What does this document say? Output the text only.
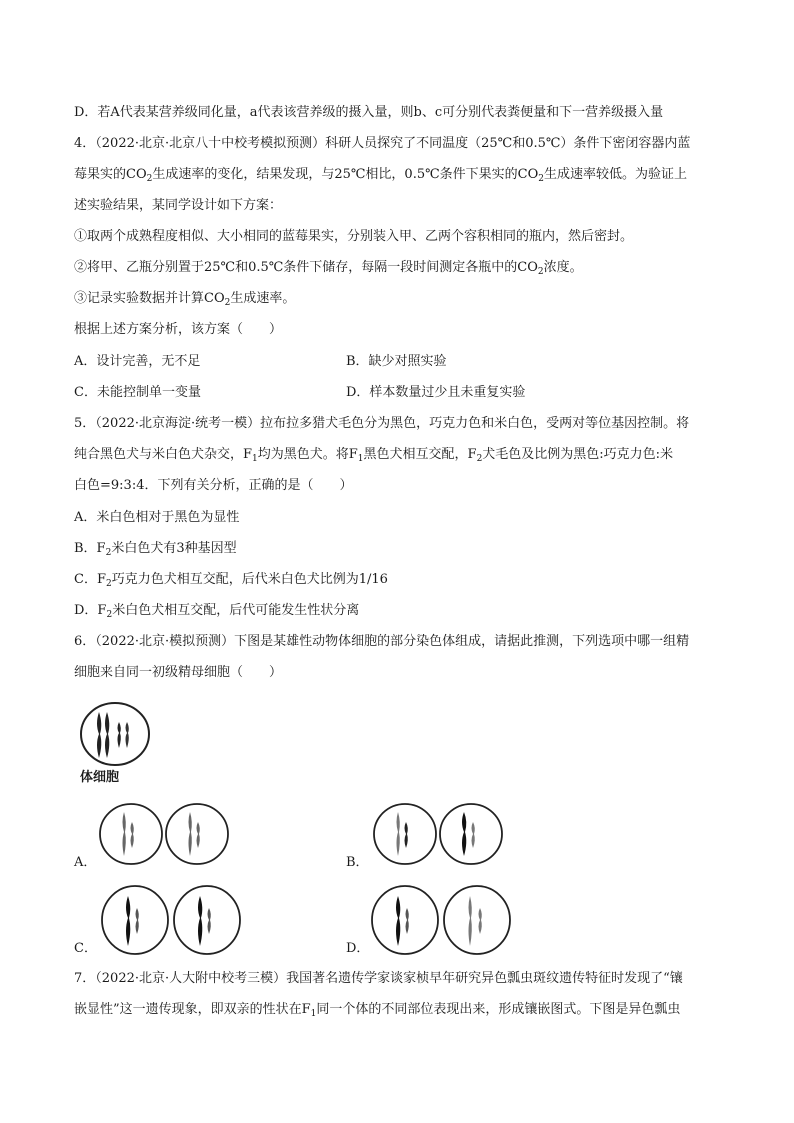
D．若A代表某营养级同化量，a代表该营养级的摄入量，则b、c可分别代表粪便量和下一营养级摄入量
4．（2022·北京·北京八十中校考模拟预测）科研人员探究了不同温度（25℃和0.5℃）条件下密闭容器内蓝
莓果实的$CO_2$生成速率的变化，结果发现，与25℃相比，0.5℃条件下果实的$CO_2$生成速率较低。为验证上
述实验结果，某同学设计如下方案：
①取两个成熟程度相似、大小相同的蓝莓果实，分别装入甲、乙两个容积相同的瓶内，然后密封。
②将甲、乙瓶分别置于25℃和0.5℃条件下储存，每隔一段时间测定各瓶中的$CO_2$浓度。
③记录实验数据并计算$CO_2$生成速率。
根据上述方案分析，该方案（　　）
A．设计完善，无不足	B．缺少对照实验
C．未能控制单一变量	D．样本数量过少且未重复实验
5．（2022·北京海淀·统考一模）拉布拉多猎犬毛色分为黑色，巧克力色和米白色，受两对等位基因控制。将
纯合黑色犬与米白色犬杂交，$F_1$均为黑色犬。将$F_1$黑色犬相互交配，$F_2$犬毛色及比例为黑色:巧克力色:米
白色=9:3:4．下列有关分析，正确的是（　　）
A．米白色相对于黑色为显性
B．$F_2$米白色犬有3种基因型
C．$F_2$巧克力色犬相互交配，后代米白色犬比例为1/16
D．$F_2$米白色犬相互交配，后代可能发生性状分离
6．（2022·北京·模拟预测）下图是某雄性动物体细胞的部分染色体组成，请据此推测，下列选项中哪一组精
细胞来自同一初级精母细胞（　　）
体细胞
A．	B．
C．	D．
7．（2022·北京·人大附中校考三模）我国著名遗传学家谈家桢早年研究异色瓢虫斑纹遗传特征时发现了“镶
嵌显性”这一遗传现象，即双亲的性状在$F_1$同一个体的不同部位表现出来，形成镶嵌图式。下图是异色瓢虫
